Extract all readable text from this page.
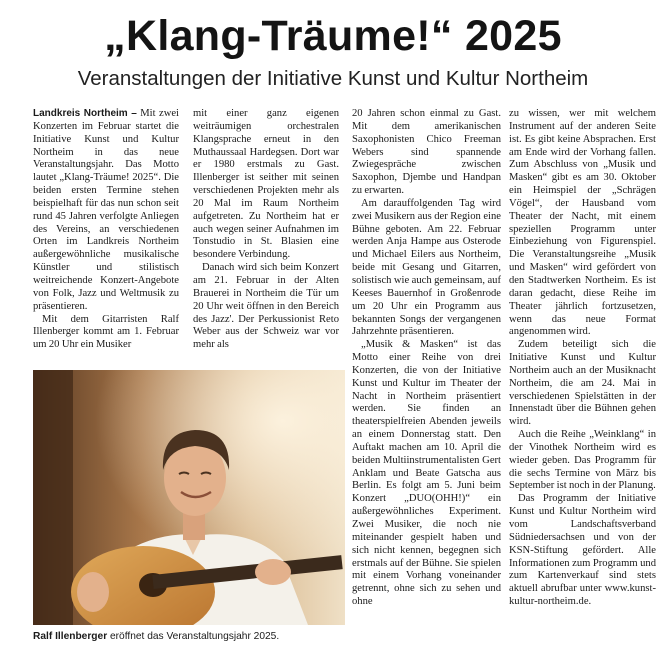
„Klang-Träume!“ 2025
Veranstaltungen der Initiative Kunst und Kultur Northeim

Landkreis Northeim – Mit zwei Konzerten im Februar startet die Initiative Kunst und Kultur Northeim in das neue Veranstaltungsjahr. Das Motto lautet „Klang-Träume! 2025“. Die beiden ersten Termine stehen beispielhaft für das nun schon seit rund 45 Jahren verfolgte Anliegen des Vereins, an verschiedenen Orten im Landkreis Northeim außergewöhnliche musikalische Künstler und stilistisch weitreichende Konzert-Angebote von Folk, Jazz und Weltmusik zu präsentieren.

Mit dem Gitarristen Ralf Illenberger kommt am 1. Februar um 20 Uhr ein Musiker

mit einer ganz eigenen weiträumigen orchestralen Klangsprache erneut in den Muthaussaal Hardegsen. Dort war er 1980 erstmals zu Gast. Illenberger ist seither mit seinen verschiedenen Projekten mehr als 20 Mal im Raum Northeim aufgetreten. Zu Northeim hat er auch wegen seiner Aufnahmen im Tonstudio in St. Blasien eine besondere Verbindung.

Danach wird sich beim Konzert am 21. Februar in der Alten Brauerei in Northeim die Tür um 20 Uhr weit öffnen in den Bereich des Jazz'. Der Perkussionist Reto Weber aus der Schweiz war vor mehr als

20 Jahren schon einmal zu Gast. Mit dem amerikanischen Saxophonisten Chico Freeman Webers sind spannende Zwiegespräche zwischen Saxophon, Djembe und Handpan zu erwarten.

Am darauffolgenden Tag wird zwei Musikern aus der Region eine Bühne geboten. Am 22. Februar werden Anja Hampe aus Osterode und Michael Eilers aus Northeim, beide mit Gesang und Gitarren, solistisch wie auch gemeinsam, auf Keeses Bauernhof in Großenrode um 20 Uhr ein Programm aus bekannten Songs der vergangenen Jahrzehnte präsentieren.

„Musik & Masken“ ist das Motto einer Reihe von drei Konzerten, die von der Initiative Kunst und Kultur im Theater der Nacht in Northeim präsentiert werden. Sie finden an theaterspielfreien Abenden jeweils an einem Donnerstag statt. Den Auftakt machen am 10. April die beiden Multiinstrumentalisten Gert Anklam und Beate Gatscha aus Berlin. Es folgt am 5. Juni beim Konzert „DUO(OHH!)“ ein außergewöhnliches Experiment. Zwei Musiker, die noch nie miteinander gespielt haben und sich nicht kennen, begegnen sich erstmals auf der Bühne. Sie spielen mit einem Vorhang voneinander getrennt, ohne sich zu sehen und ohne

zu wissen, wer mit welchem Instrument auf der anderen Seite ist. Es gibt keine Absprachen. Erst am Ende wird der Vorhang fallen. Zum Abschluss von „Musik und Masken“ gibt es am 30. Oktober ein Heimspiel der „Schrägen Vögel“, der Hausband vom Theater der Nacht, mit einem speziellen Programm unter Einbeziehung von Figurenspiel. Die Veranstaltungsreihe „Musik und Masken“ wird gefördert von den Stadtwerken Northeim. Es ist daran gedacht, diese Reihe im Theater jährlich fortzusetzen, wenn das neue Format angenommen wird.

Zudem beteiligt sich die Initiative Kunst und Kultur Northeim auch an der Musiknacht Northeim, die am 24. Mai in verschiedenen Spielstätten in der Innenstadt über die Bühnen gehen wird.

Auch die Reihe „Weinklang“ in der Vinothek Northeim wird es wieder geben. Das Programm für die sechs Termine von März bis September ist noch in der Planung.

Das Programm der Initiative Kunst und Kultur Northeim wird vom Landschaftsverband Südniedersachsen und von der KSN-Stiftung gefördert. Alle Informationen zum Programm und zum Kartenverkauf sind stets aktuell abrufbar unter www.kunst-kultur-northeim.de.

Ralf Illenberger eröffnet das Veranstaltungsjahr 2025.
